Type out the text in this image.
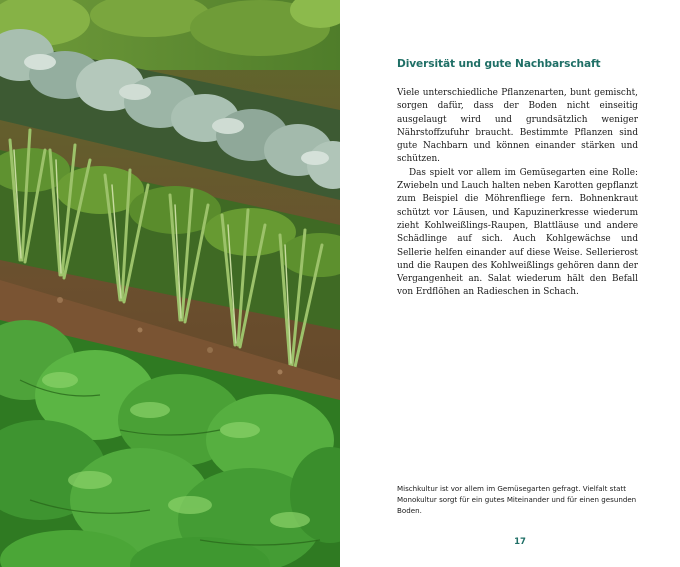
Diversität und gute Nachbarschaft

Viele unterschiedliche Pflanzenarten, bunt gemischt, sorgen dafür, dass der Boden nicht einseitig ausgelaugt wird und grundsätzlich weniger Nährstoffzufuhr braucht. Bestimmte Pflanzen sind gute Nachbarn und können einander stärken und schützen.

Das spielt vor allem im Gemüsegarten eine Rolle: Zwiebeln und Lauch halten neben Karotten gepflanzt zum Beispiel die Möhrenfliege fern. Bohnenkraut schützt vor Läusen, und Kapuzinerkresse wiederum zieht Kohlweißlings-Raupen, Blattläuse und andere Schädlinge auf sich. Auch Kohlgewächse und Sellerie helfen einander auf diese Weise. Sellerierost und die Raupen des Kohlweißlings gehören dann der Vergangenheit an. Salat wiederum hält den Befall von Erdflöhen an Radieschen in Schach.

Mischkultur ist vor allem im Gemüsegarten gefragt. Vielfalt statt Monokultur sorgt für ein gutes Miteinander und für einen gesunden Boden.

17
